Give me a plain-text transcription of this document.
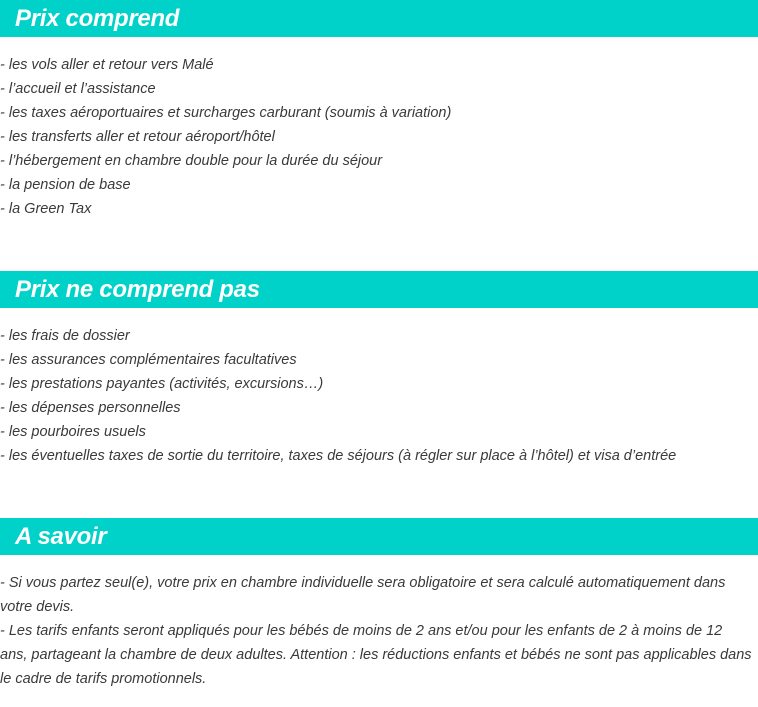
Prix comprend
- les vols aller et retour vers Malé
- l’accueil et l’assistance
- les taxes aéroportuaires et surcharges carburant (soumis à variation)
- les transferts aller et retour aéroport/hôtel
- l’hébergement en chambre double pour la durée du séjour
- la pension de base
- la Green Tax
Prix ne comprend pas
- les frais de dossier
- les assurances complémentaires facultatives
- les prestations payantes (activités, excursions…)
- les dépenses personnelles
- les pourboires usuels
- les éventuelles taxes de sortie du territoire, taxes de séjours (à régler sur place à l’hôtel) et visa d’entrée
A savoir

- Si vous partez seul(e), votre prix en chambre individuelle sera obligatoire et sera calculé automatiquement dans votre devis.

- Les tarifs enfants seront appliqués pour les bébés de moins de 2 ans et/ou pour les enfants de 2 à moins de 12 ans, partageant la chambre de deux adultes. Attention : les réductions enfants et bébés ne sont pas applicables dans le cadre de tarifs promotionnels.
